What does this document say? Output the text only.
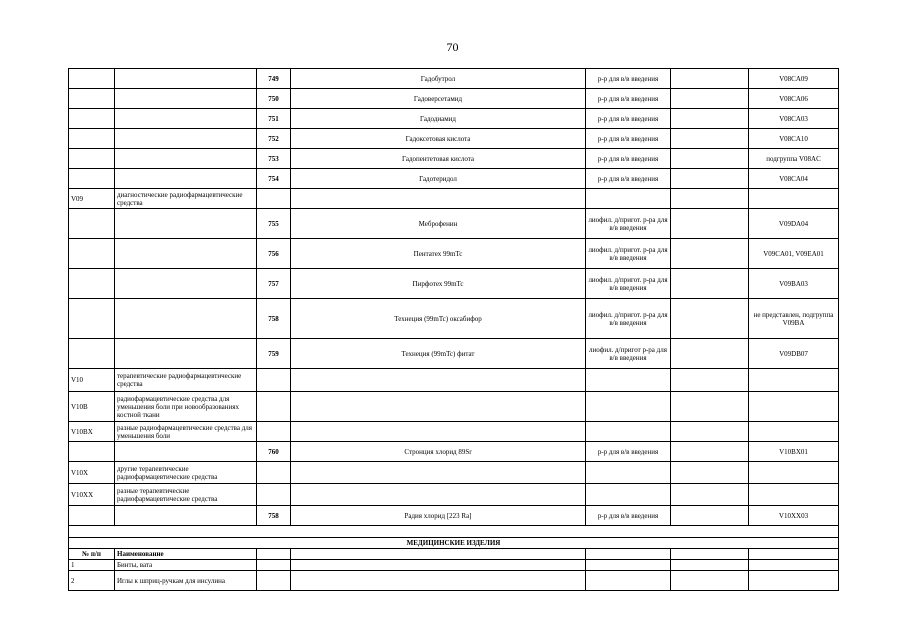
70
		749	Гадобутрол	р-р для в/в введения		V08CA09
		750	Гадоверсетамид	р-р для в/в введения		V08CA06
		751	Гадодиамид	р-р для в/в введения		V08CA03
		752	Гадоксетовая кислота	р-р для в/в введения		V08CA10
		753	Гадопентетовая кислота	р-р для в/в введения		подгруппа V08AC
		754	Гадотеридол	р-р для в/в введения		V08CA04
V09	диагностические радиофармацевтические средства					
		755	Меброфенин	лиофил. д/пригот. р-ра для в/в введения		V09DA04
		756	Пентатех 99mTc	лиофил. д/пригот. р-ра для в/в введения		V09CA01, V09EA01
		757	Пирфотех 99mTc	лиофил. д/пригот. р-ра для в/в введения		V09BA03
		758	Технеция (99mTc) оксабифор	лиофил. д/пригот. р-ра для в/в введения		не представлен, подгруппа V09BA
		759	Технеция (99mTc) фитат	лиофил. д/пригот р-ра для в/в введения		V09DB07
V10	терапевтические радиофармацевтические средства					
V10B	радиофармацевтические средства для уменьшения боли при новообразованиях костной ткани					
V10BX	разные радиофармацевтические средства для уменьшения боли					
		760	Стронция хлорид 89Sr	р-р для в/в введения		V10BX01
V10X	другие терапевтические радиофармацевтические средства					
V10XX	разные терапевтические радиофармацевтические средства					
		758	Радия хлорид [223 Ra]	р-р для в/в введения		V10XX03

МЕДИЦИНСКИЕ ИЗДЕЛИЯ						
№ п/п	Наименование					
1	Бинты, вата					
2	Иглы к шприц-ручкам для инсулина					
